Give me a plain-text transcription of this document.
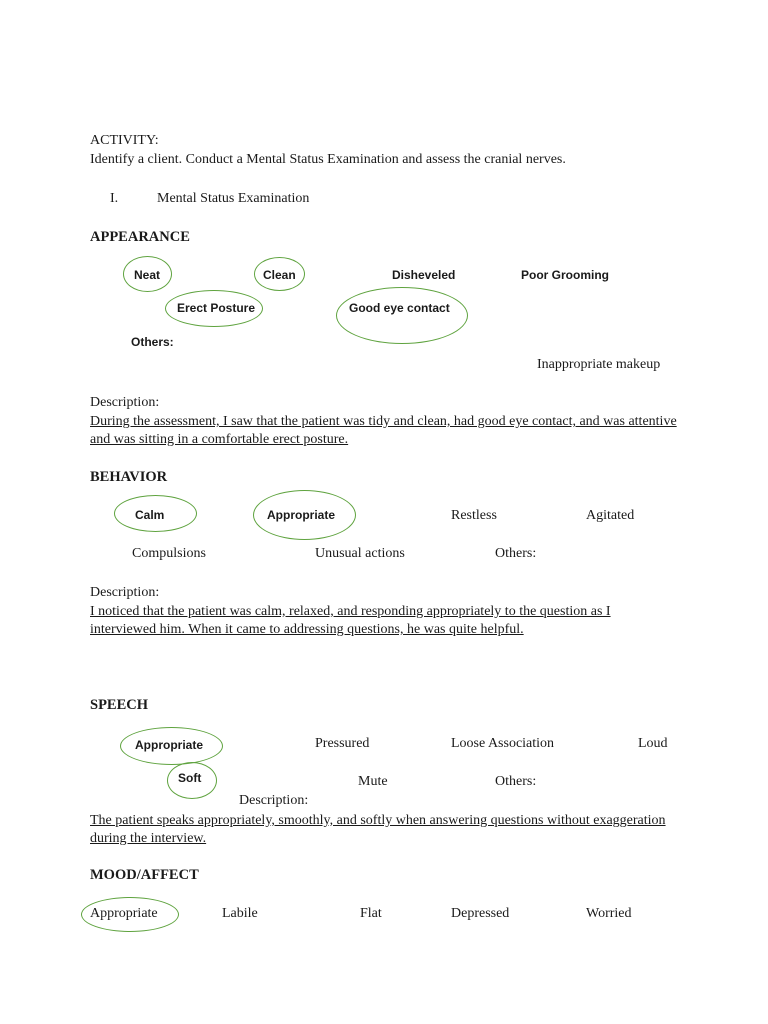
ACTIVITY:
Identify a client. Conduct a Mental Status Examination and assess the cranial nerves.
I.	Mental Status Examination
APPEARANCE
Neat	Clean	Disheveled	Poor Grooming
Erect Posture	Good eye contact
Others:
Inappropriate makeup
Description:
During the assessment, I saw that the patient was tidy and clean, had good eye contact, and was attentive and was sitting in a comfortable erect posture.
BEHAVIOR
Calm	Appropriate	Restless	Agitated
Compulsions	Unusual actions	Others:
Description:
I noticed that the patient was calm, relaxed, and responding appropriately to the question as I interviewed him. When it came to addressing questions, he was quite helpful.
SPEECH
Appropriate	Pressured	Loose Association	Loud
Soft	Mute	Others:
Description:
The patient speaks appropriately, smoothly, and softly when answering questions without exaggeration during the interview.
MOOD/AFFECT
Appropriate	Labile	Flat	Depressed	Worried
